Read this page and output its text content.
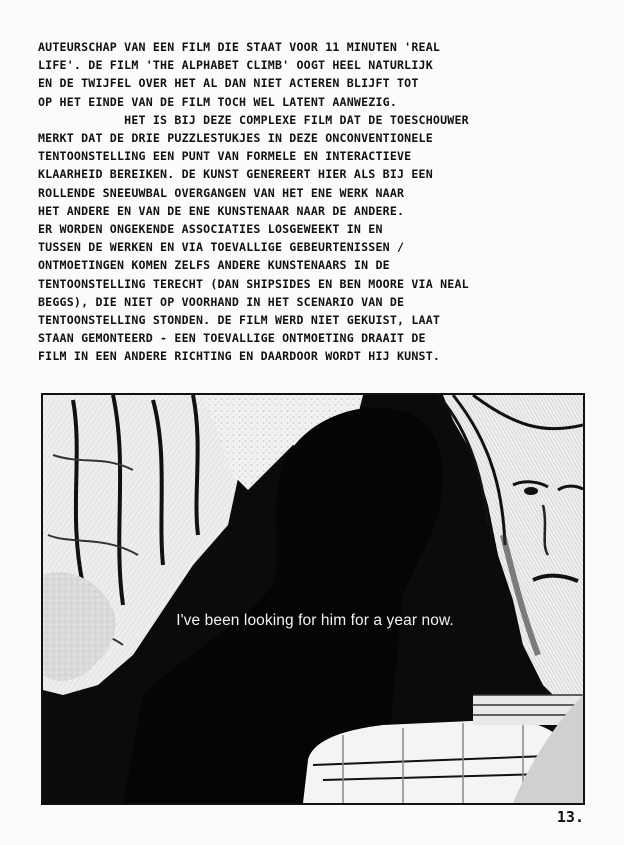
AUTEURSCHAP VAN EEN FILM DIE STAAT VOOR 11 MINUTEN 'REAL
LIFE'. DE FILM 'THE ALPHABET CLIMB' OOGT HEEL NATURLIJK
EN DE TWIJFEL OVER HET AL DAN NIET ACTEREN BLIJFT TOT
OP HET EINDE VAN DE FILM TOCH WEL LATENT AANWEZIG.
HET IS BIJ DEZE COMPLEXE FILM DAT DE TOESCHOUWER
MERKT DAT DE DRIE PUZZLESTUKJES IN DEZE ONCONVENTIONELE
TENTOONSTELLING EEN PUNT VAN FORMELE EN INTERACTIEVE
KLAARHEID BEREIKEN. DE KUNST GENEREERT HIER ALS BIJ EEN
ROLLENDE SNEEUWBAL OVERGANGEN VAN HET ENE WERK NAAR
HET ANDERE EN VAN DE ENE KUNSTENAAR NAAR DE ANDERE.
ER WORDEN ONGEKENDE ASSOCIATIES LOSGEWEEKT IN EN
TUSSEN DE WERKEN EN VIA TOEVALLIGE GEBEURTENISSEN /
ONTMOETINGEN KOMEN ZELFS ANDERE KUNSTENAARS IN DE
TENTOONSTELLING TERECHT (DAN SHIPSIDES EN BEN MOORE VIA NEAL
BEGGS), DIE NIET OP VOORHAND IN HET SCENARIO VAN DE
TENTOONSTELLING STONDEN. DE FILM WERD NIET GEKUIST, LAAT
STAAN GEMONTEERD - EEN TOEVALLIGE ONTMOETING DRAAIT DE
FILM IN EEN ANDERE RICHTING EN DAARDOOR WORDT HIJ KUNST.
I've been looking for him for a year now.
13.
